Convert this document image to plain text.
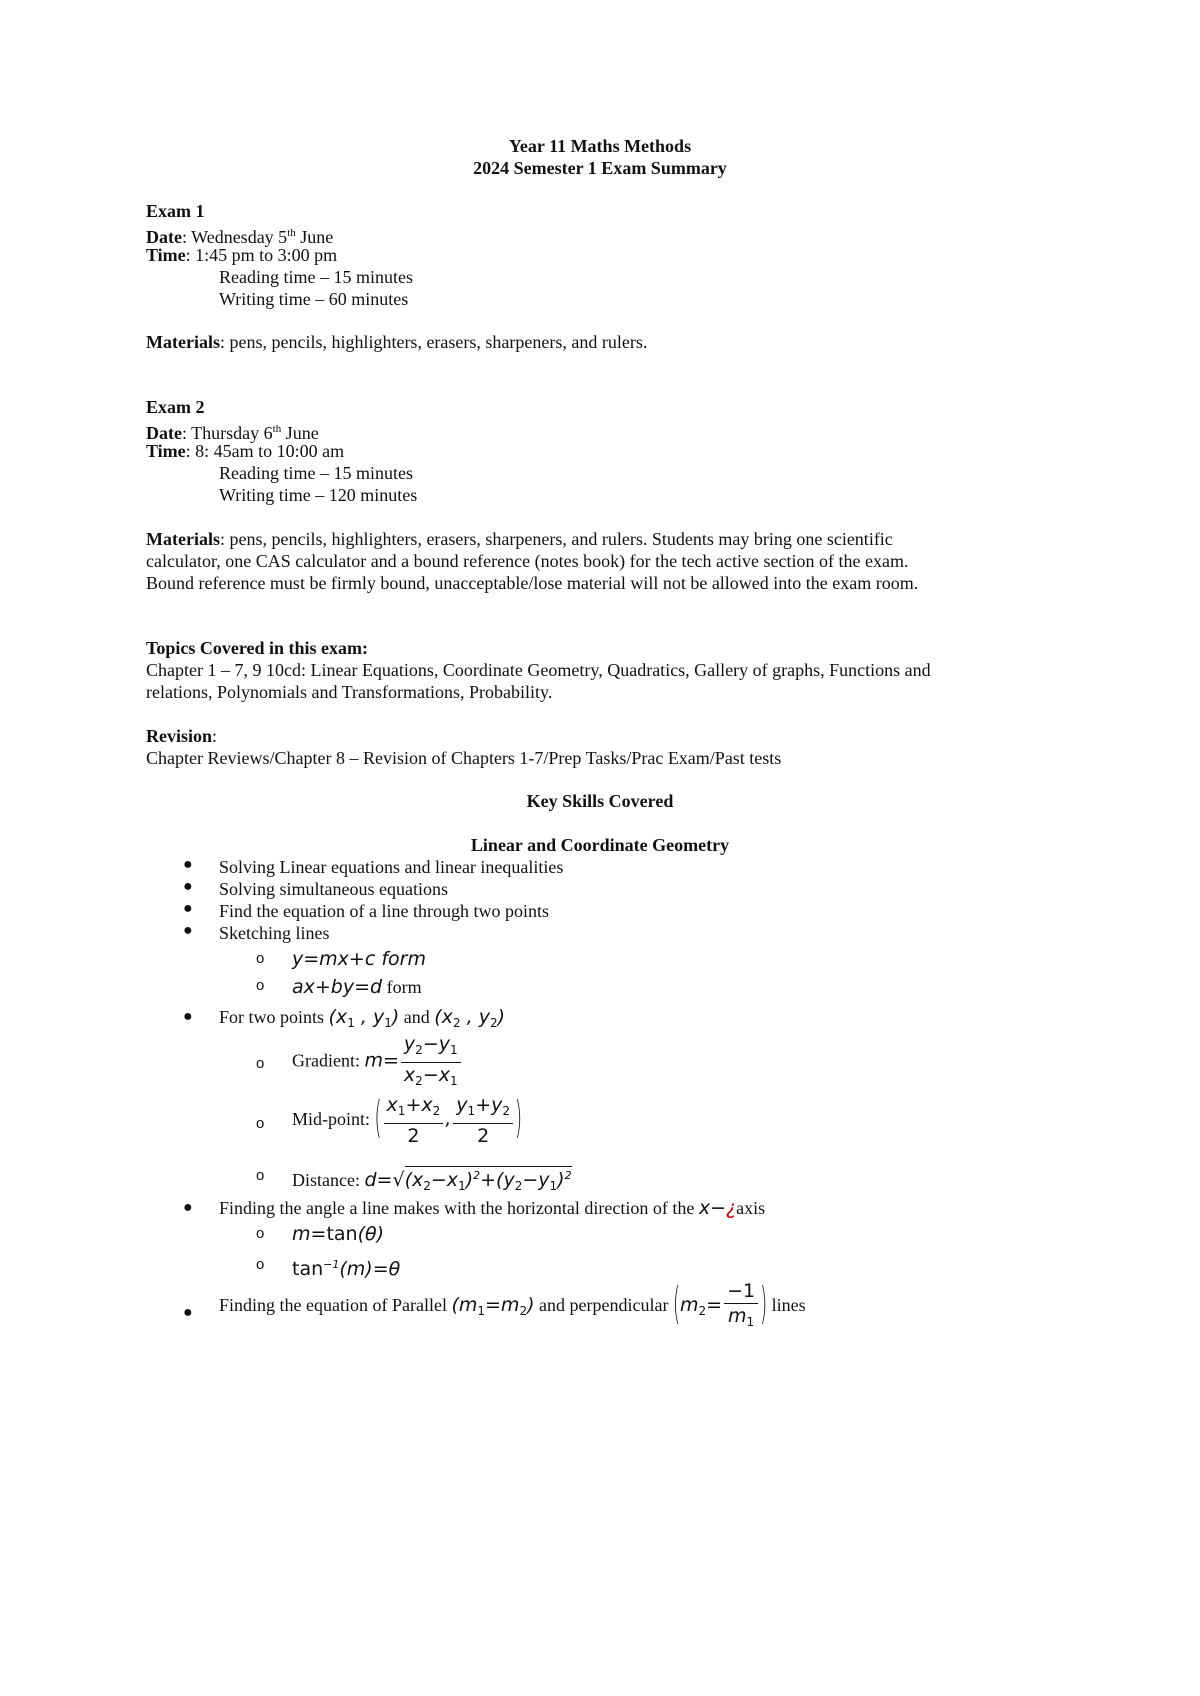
Year 11 Maths Methods
2024 Semester 1 Exam Summary
Exam 1
Date: Wednesday 5th June
Time: 1:45 pm to 3:00 pm
Reading time – 15 minutes
Writing time – 60 minutes
Materials: pens, pencils, highlighters, erasers, sharpeners, and rulers.
Exam 2
Date: Thursday 6th June
Time: 8: 45am to 10:00 am
Reading time – 15 minutes
Writing time – 120 minutes
Materials: pens, pencils, highlighters, erasers, sharpeners, and rulers. Students may bring one scientific
calculator, one CAS calculator and a bound reference (notes book) for the tech active section of the exam.
Bound reference must be firmly bound, unacceptable/lose material will not be allowed into the exam room.
Topics Covered in this exam:
Chapter 1 – 7, 9 10cd: Linear Equations, Coordinate Geometry, Quadratics, Gallery of graphs, Functions and
relations, Polynomials and Transformations, Probability.
Revision:
Chapter Reviews/Chapter 8 – Revision of Chapters 1-7/Prep Tasks/Prac Exam/Past tests
Key Skills Covered
Linear and Coordinate Geometry
● Solving Linear equations and linear inequalities
● Solving simultaneous equations
● Find the equation of a line through two points
● Sketching lines
o y=mx+c form
o ax+by=d form
● For two points ($x_1$ , $y_1$) and ($x_2$ , $y_2$)
o Gradient: $m= \frac{y_2-y_1}{x_2-x_1}$
o Mid-point: ( $\frac{x_1+x_2}{2}$ , $\frac{y_1+y_2}{2}$ )
o Distance: $d=√(x_2-x_1)^2+(y_2-y_1)^2$
● Finding the angle a line makes with the horizontal direction of the x−¿axis
o m=tan(θ)
o $\tan^{-1}(m)=\theta$
● Finding the equation of Parallel $(m_1=m_2)$ and perpendicular ($m_2= \frac{-1}{m_1}$ ) lines
